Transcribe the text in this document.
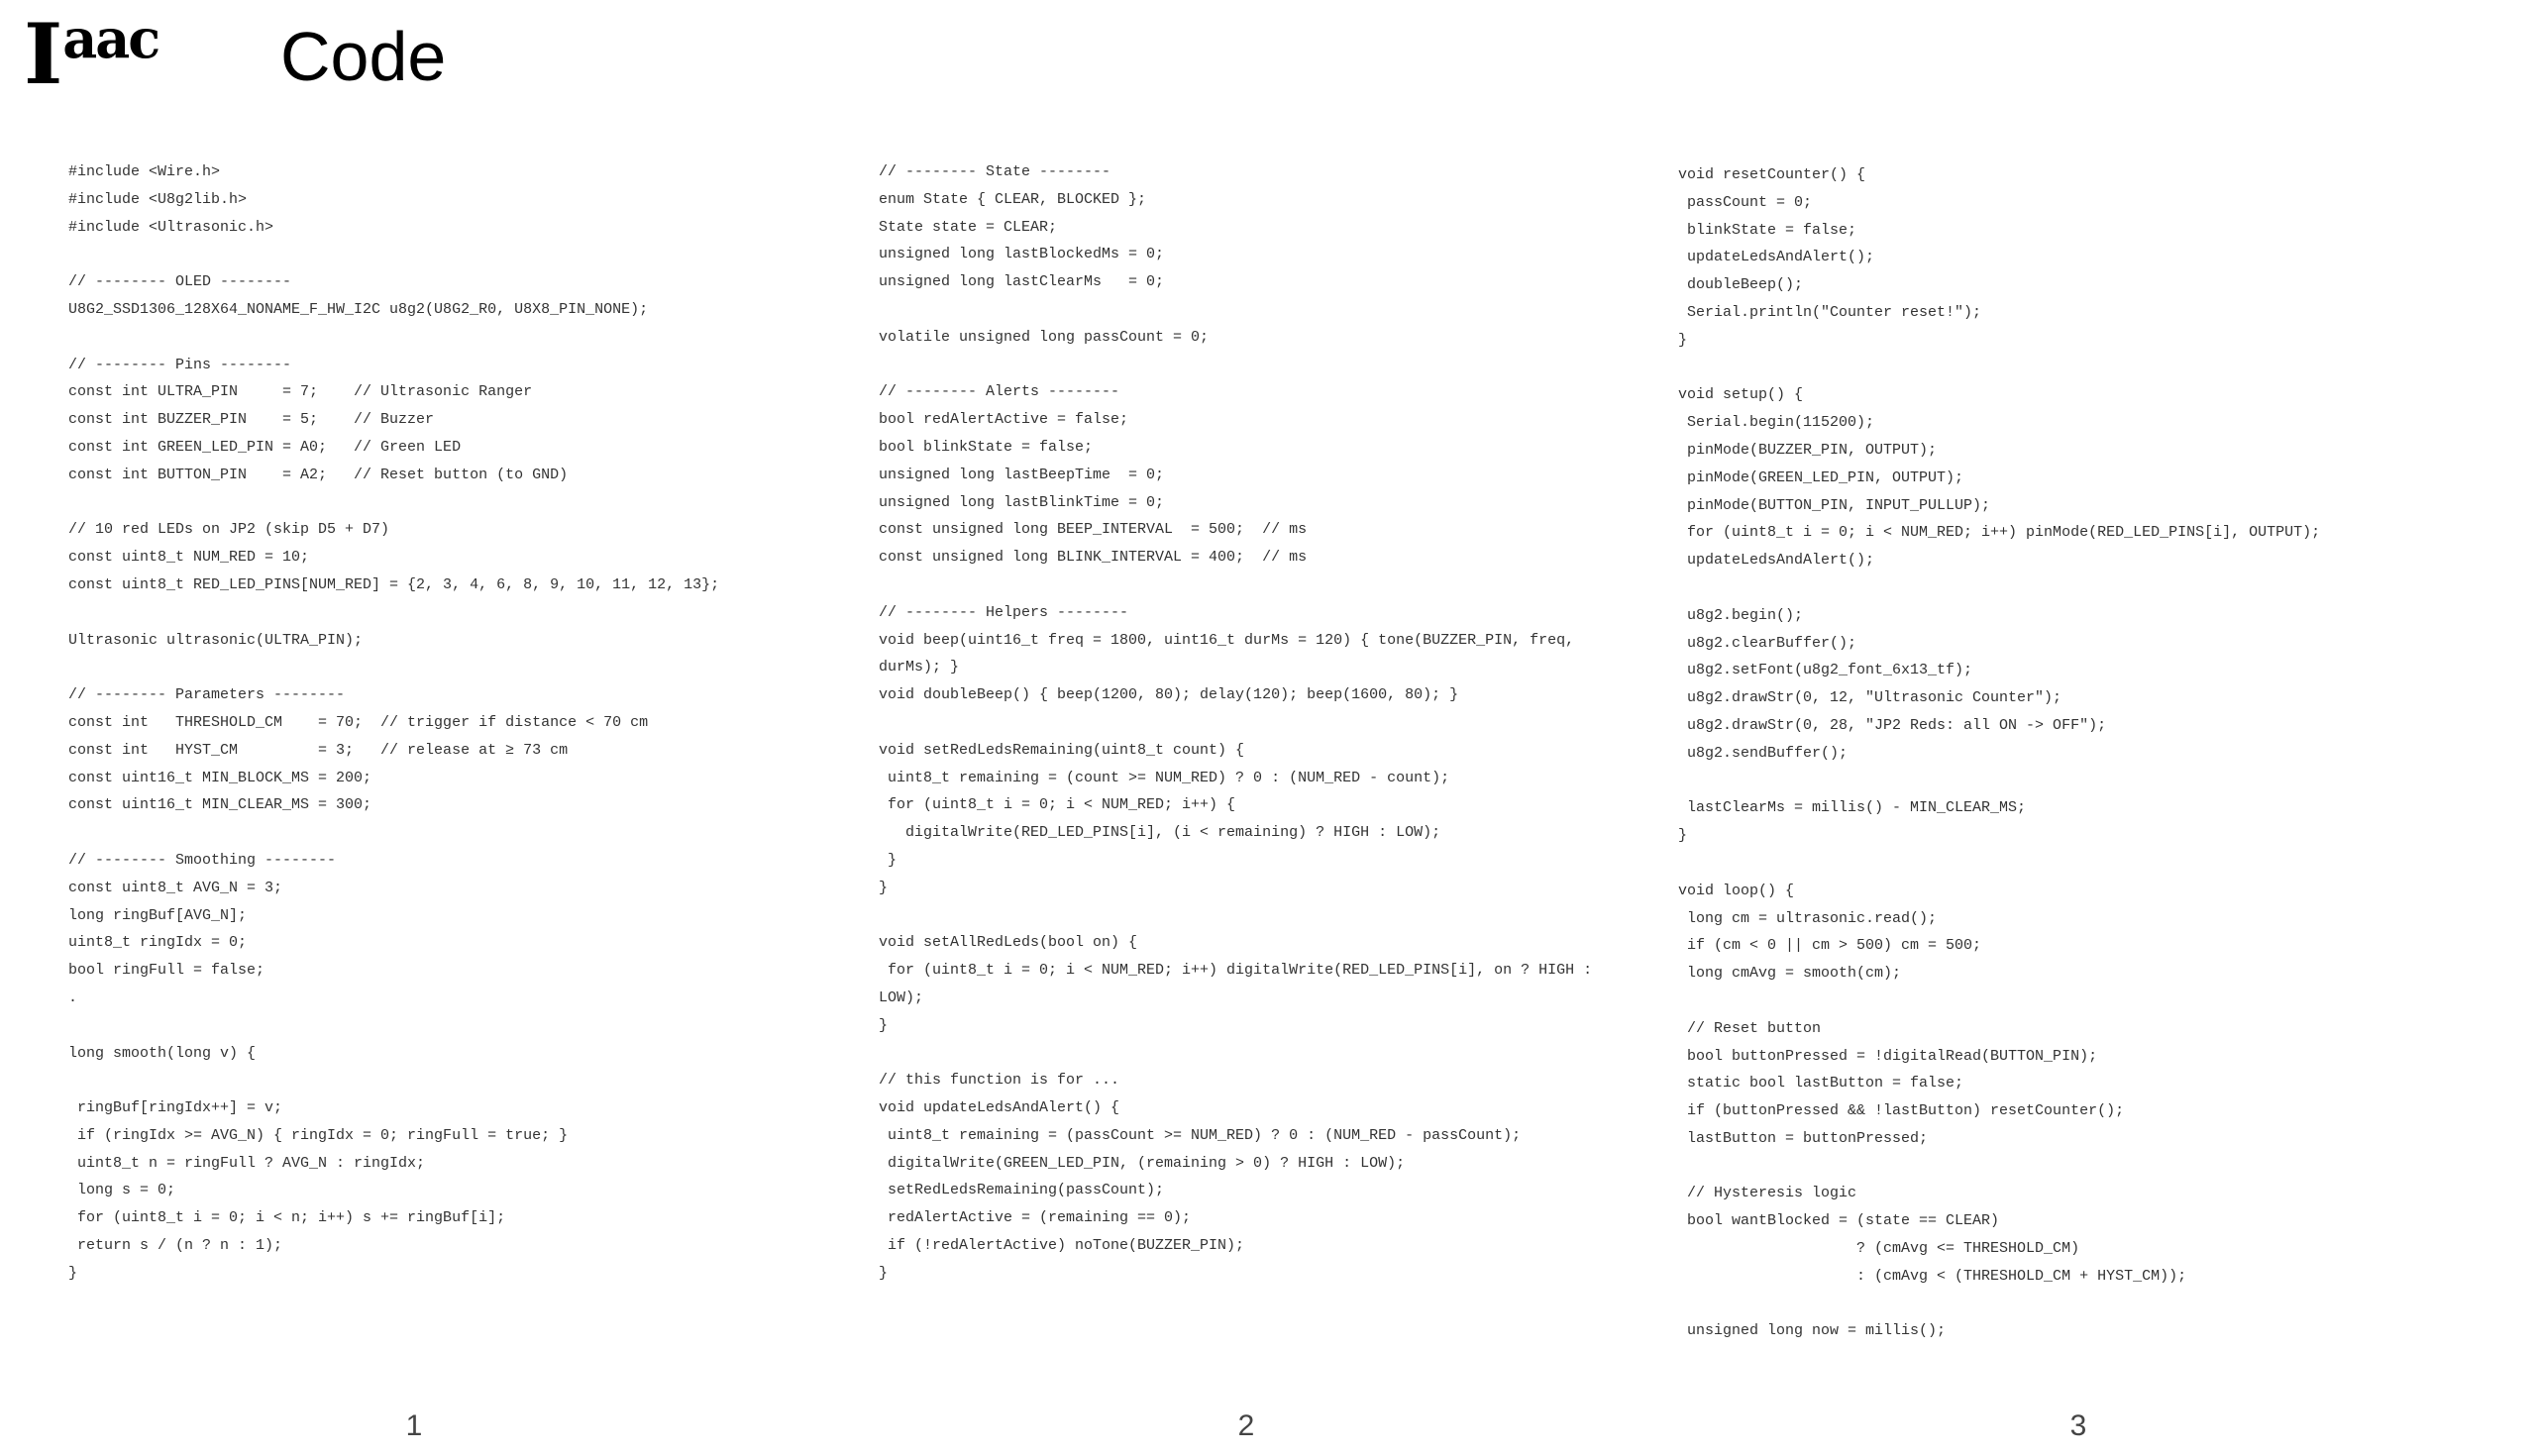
Iaac Code
#include <Wire.h>
#include <U8g2lib.h>
#include <Ultrasonic.h>
// -------- OLED --------
U8G2_SSD1306_128X64_NONAME_F_HW_I2C u8g2(U8G2_R0, U8X8_PIN_NONE);
// -------- Pins --------
const int ULTRA_PIN     = 7;    // Ultrasonic Ranger
const int BUZZER_PIN    = 5;    // Buzzer
const int GREEN_LED_PIN = A0;   // Green LED
const int BUTTON_PIN    = A2;   // Reset button (to GND)
// 10 red LEDs on JP2 (skip D5 + D7)
const uint8_t NUM_RED = 10;
const uint8_t RED_LED_PINS[NUM_RED] = {2, 3, 4, 6, 8, 9, 10, 11, 12, 13};
Ultrasonic ultrasonic(ULTRA_PIN);
// -------- Parameters --------
const int   THRESHOLD_CM    = 70;  // trigger if distance < 70 cm
const int   HYST_CM         = 3;   // release at ≥ 73 cm
const uint16_t MIN_BLOCK_MS = 200;
const uint16_t MIN_CLEAR_MS = 300;
// -------- Smoothing --------
const uint8_t AVG_N = 3;
long ringBuf[AVG_N];
uint8_t ringIdx = 0;
bool ringFull = false;
.
long smooth(long v) {
ringBuf[ringIdx++] = v;
if (ringIdx >= AVG_N) { ringIdx = 0; ringFull = true; }
uint8_t n = ringFull ? AVG_N : ringIdx;
long s = 0;
for (uint8_t i = 0; i < n; i++) s += ringBuf[i];
return s / (n ? n : 1);
}
// -------- State --------
enum State { CLEAR, BLOCKED };
State state = CLEAR;
unsigned long lastBlockedMs = 0;
unsigned long lastClearMs   = 0;
volatile unsigned long passCount = 0;
// -------- Alerts --------
bool redAlertActive = false;
bool blinkState = false;
unsigned long lastBeepTime  = 0;
unsigned long lastBlinkTime = 0;
const unsigned long BEEP_INTERVAL  = 500;  // ms
const unsigned long BLINK_INTERVAL = 400;  // ms
// -------- Helpers --------
void beep(uint16_t freq = 1800, uint16_t durMs = 120) { tone(BUZZER_PIN, freq,
durMs); }
void doubleBeep() { beep(1200, 80); delay(120); beep(1600, 80); }
void setRedLedsRemaining(uint8_t count) {
uint8_t remaining = (count >= NUM_RED) ? 0 : (NUM_RED - count);
for (uint8_t i = 0; i < NUM_RED; i++) {
digitalWrite(RED_LED_PINS[i], (i < remaining) ? HIGH : LOW);
}
}
void setAllRedLeds(bool on) {
for (uint8_t i = 0; i < NUM_RED; i++) digitalWrite(RED_LED_PINS[i], on ? HIGH :
LOW);
}
// this function is for ...
void updateLedsAndAlert() {
uint8_t remaining = (passCount >= NUM_RED) ? 0 : (NUM_RED - passCount);
digitalWrite(GREEN_LED_PIN, (remaining > 0) ? HIGH : LOW);
setRedLedsRemaining(passCount);
redAlertActive = (remaining == 0);
if (!redAlertActive) noTone(BUZZER_PIN);
}
void resetCounter() {
passCount = 0;
blinkState = false;
updateLedsAndAlert();
doubleBeep();
Serial.println("Counter reset!");
}
void setup() {
Serial.begin(115200);
pinMode(BUZZER_PIN, OUTPUT);
pinMode(GREEN_LED_PIN, OUTPUT);
pinMode(BUTTON_PIN, INPUT_PULLUP);
for (uint8_t i = 0; i < NUM_RED; i++) pinMode(RED_LED_PINS[i], OUTPUT);
updateLedsAndAlert();
u8g2.begin();
u8g2.clearBuffer();
u8g2.setFont(u8g2_font_6x13_tf);
u8g2.drawStr(0, 12, "Ultrasonic Counter");
u8g2.drawStr(0, 28, "JP2 Reds: all ON -> OFF");
u8g2.sendBuffer();
lastClearMs = millis() - MIN_CLEAR_MS;
}
void loop() {
long cm = ultrasonic.read();
if (cm < 0 || cm > 500) cm = 500;
long cmAvg = smooth(cm);
// Reset button
bool buttonPressed = !digitalRead(BUTTON_PIN);
static bool lastButton = false;
if (buttonPressed && !lastButton) resetCounter();
lastButton = buttonPressed;
// Hysteresis logic
bool wantBlocked = (state == CLEAR)
? (cmAvg <= THRESHOLD_CM)
: (cmAvg < (THRESHOLD_CM + HYST_CM));
unsigned long now = millis();
1	2	3
